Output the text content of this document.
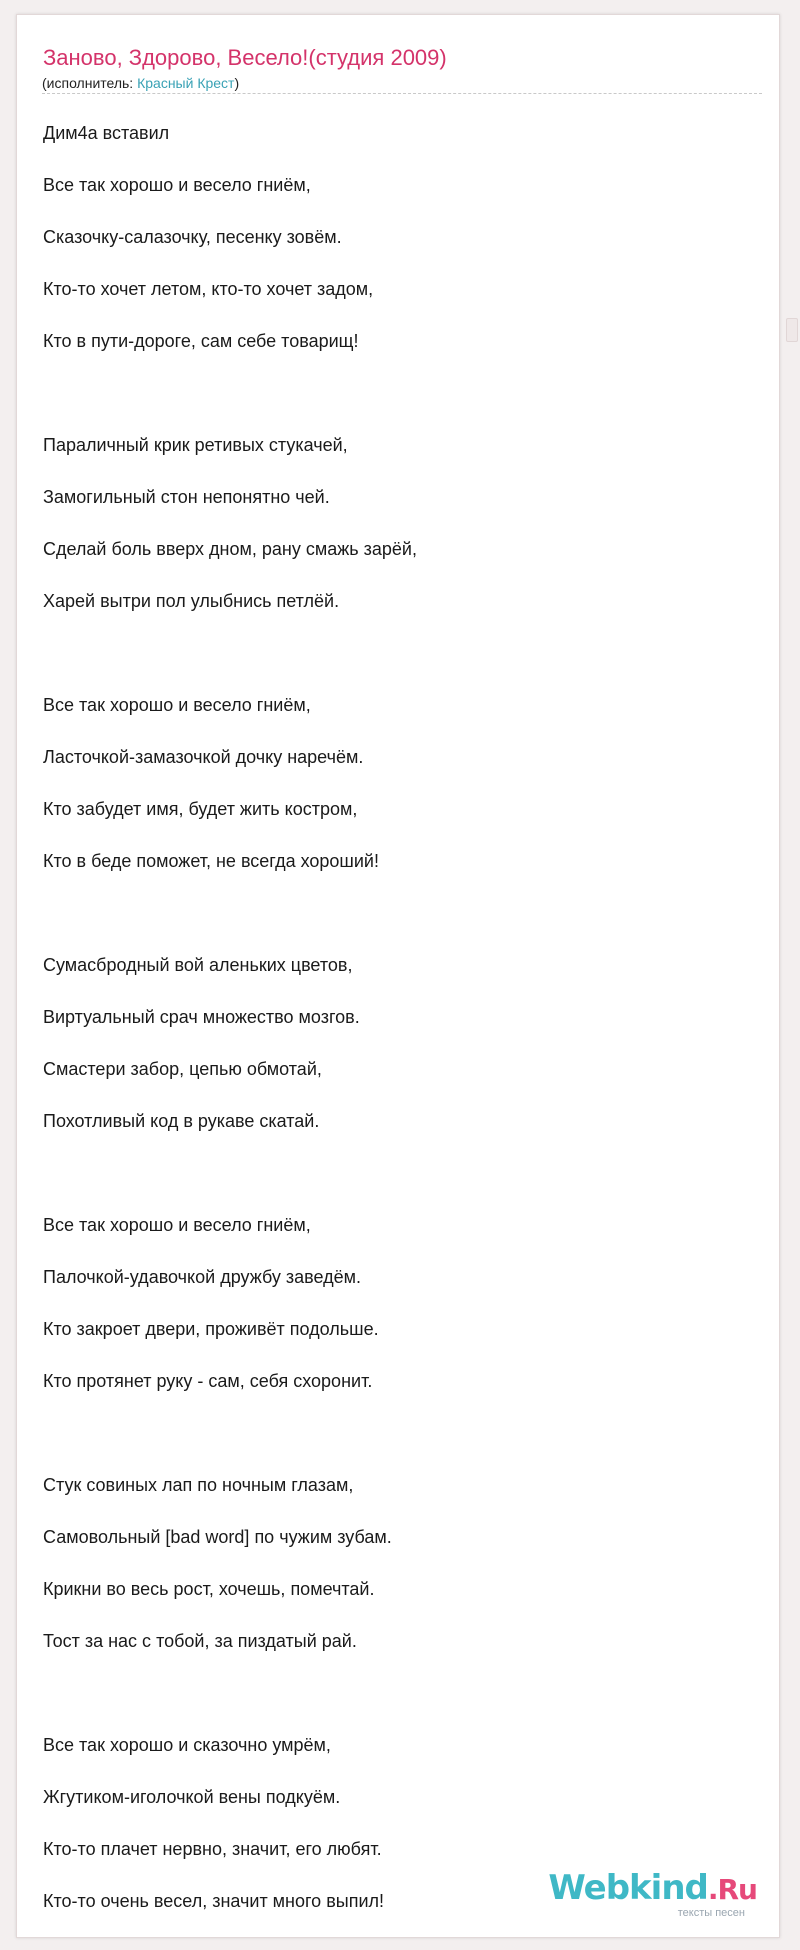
Заново, Здорово, Весело!(студия 2009)
(исполнитель: Красный Крест)
Дим4а вставил
Все так хорошо и весело гниём,
Сказочку-салазочку, песенку зовём.
Кто-то хочет летом, кто-то хочет задом,
Кто в пути-дороге, сам себе товарищ!
Параличный крик ретивых стукачей,
Замогильный стон непонятно чей.
Сделай боль вверх дном, рану смажь зарёй,
Харей вытри пол улыбнись петлёй.
Все так хорошо и весело гниём,
Ласточкой-замазочкой дочку наречём.
Кто забудет имя, будет жить костром,
Кто в беде поможет, не всегда хороший!
Сумасбродный вой аленьких цветов,
Виртуальный срач множество мозгов.
Смастери забор, цепью обмотай,
Похотливый код в рукаве скатай.
Все так хорошо и весело гниём,
Палочкой-удавочкой дружбу заведём.
Кто закроет двери, проживёт подольше.
Кто протянет руку - сам, себя схоронит.
Стук совиных лап по ночным глазам,
Самовольный [bad word] по чужим зубам.
Крикни во весь рост, хочешь, помечтай.
Тост за нас с тобой, за пиздатый рай.
Все так хорошо и сказочно умрём,
Жгутиком-иголочкой вены подкуём.
Кто-то плачет нервно, значит, его любят.
Кто-то очень весел, значит много выпил!	Webkind.Ru
тексты песен
